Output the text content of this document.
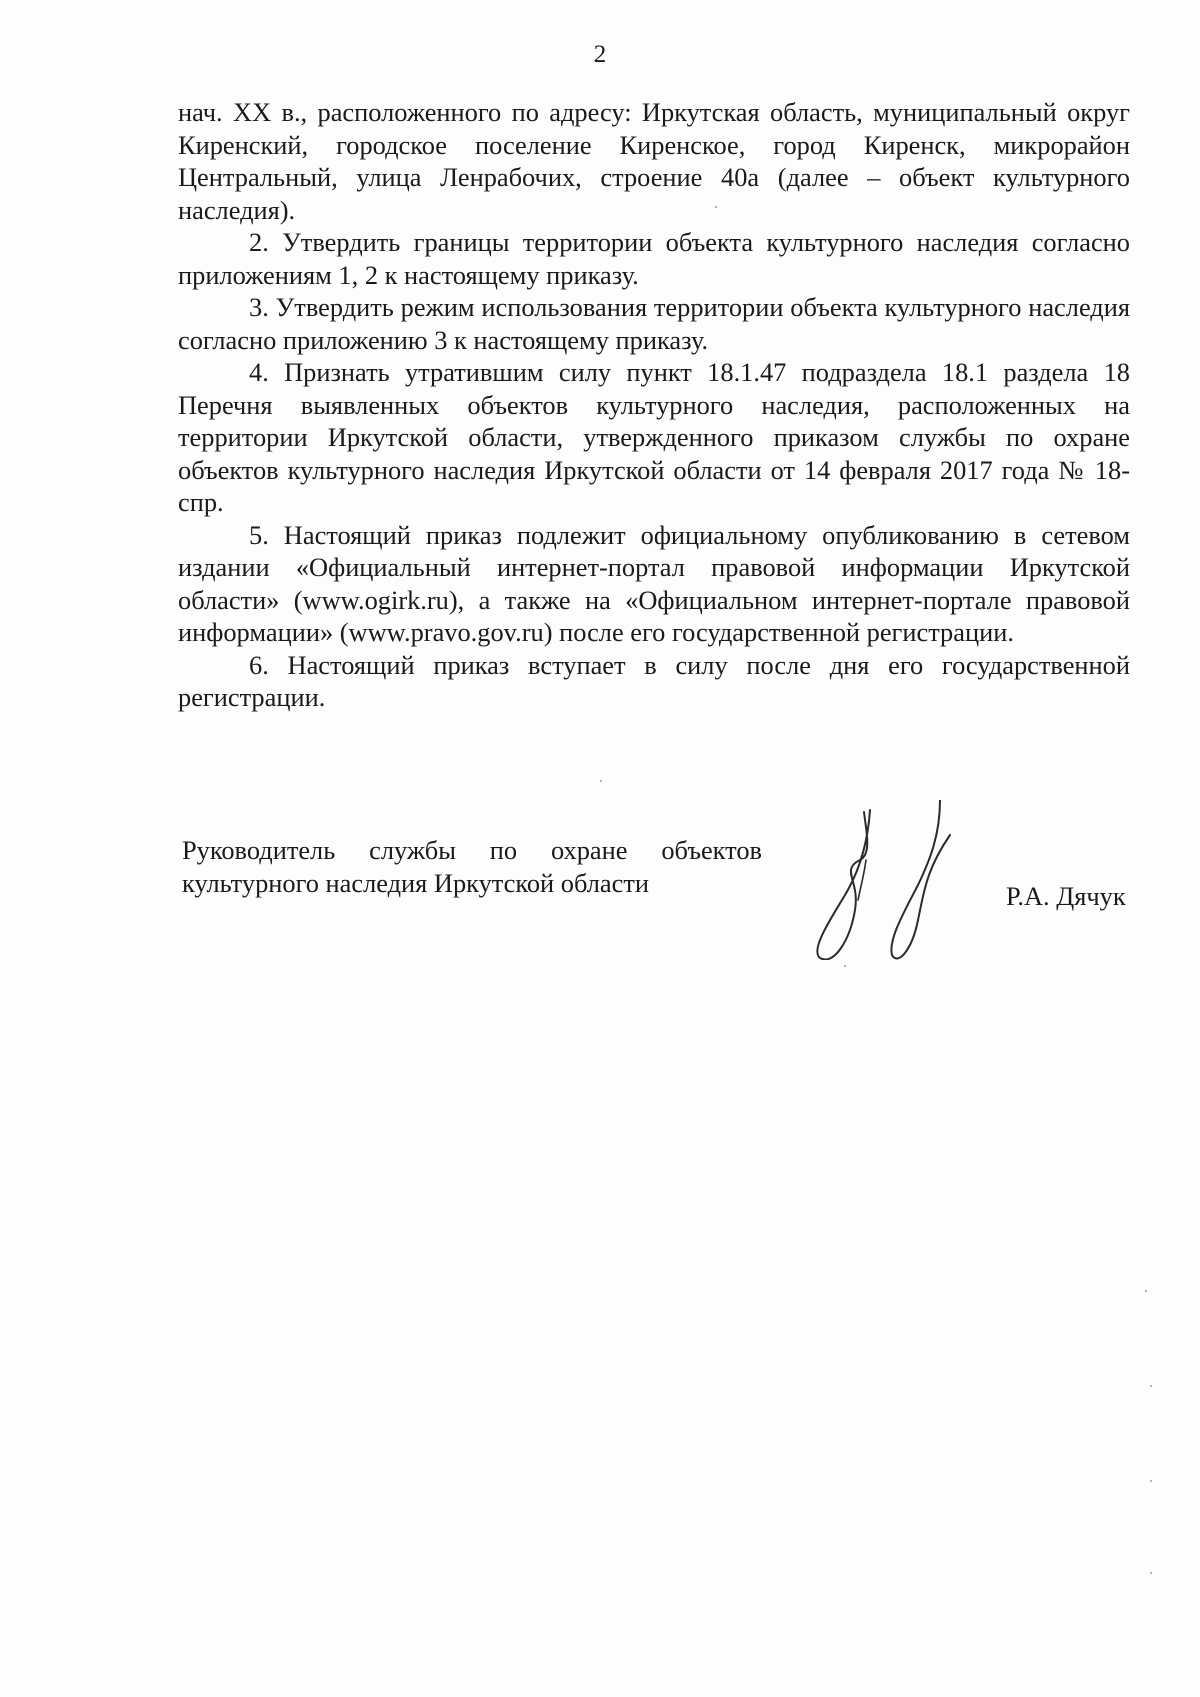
2

нач. XX в., расположенного по адресу: Иркутская область, муниципальный округ Киренский, городское поселение Киренское, город Киренск, микрорайон Центральный, улица Ленрабочих, строение 40а (далее – объект культурного наследия).

2. Утвердить границы территории объекта культурного наследия согласно приложениям 1, 2 к настоящему приказу.

3. Утвердить режим использования территории объекта культурного наследия согласно приложению 3 к настоящему приказу.

4. Признать утратившим силу пункт 18.1.47 подраздела 18.1 раздела 18 Перечня выявленных объектов культурного наследия, расположенных на территории Иркутской области, утвержденного приказом службы по охране объектов культурного наследия Иркутской области от 14 февраля 2017 года № 18-спр.

5. Настоящий приказ подлежит официальному опубликованию в сетевом издании «Официальный интернет-портал правовой информации Иркутской области» (www.ogirk.ru), а также на «Официальном интернет-портале правовой информации» (www.pravo.gov.ru) после его государственной регистрации.

6. Настоящий приказ вступает в силу после дня его государственной регистрации.

Руководитель службы по охране объектов
культурного наследия Иркутской области	Р.А. Дячук
